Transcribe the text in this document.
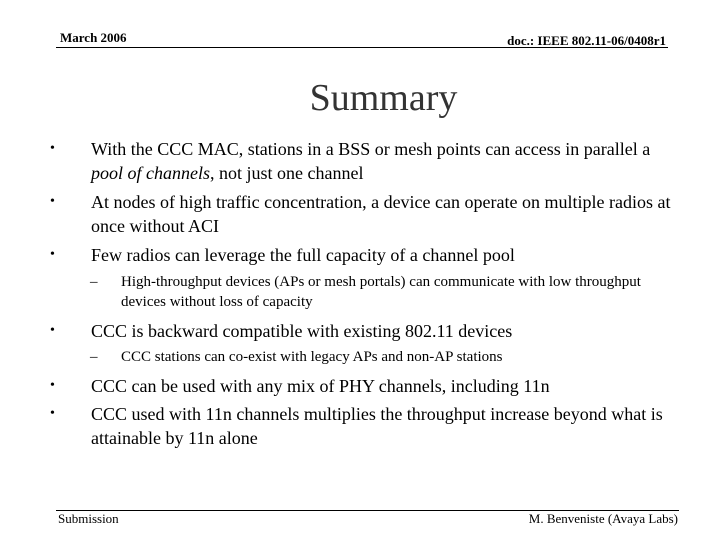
March 2006	doc.: IEEE 802.11-06/0408r1
Summary
• With the CCC MAC, stations in a BSS or mesh points can access in parallel a pool of channels, not just one channel
• At nodes of high traffic concentration, a device can operate on multiple radios at once without ACI
• Few radios can leverage the full capacity of a channel pool
– High-throughput devices (APs or mesh portals) can communicate with low throughput devices without loss of capacity
• CCC is backward compatible with existing 802.11 devices
– CCC stations can co-exist with legacy APs and non-AP stations
• CCC can be used with any mix of PHY channels, including 11n
• CCC used with 11n channels multiplies the throughput increase beyond what is attainable by 11n alone
Submission	M. Benveniste (Avaya Labs)
